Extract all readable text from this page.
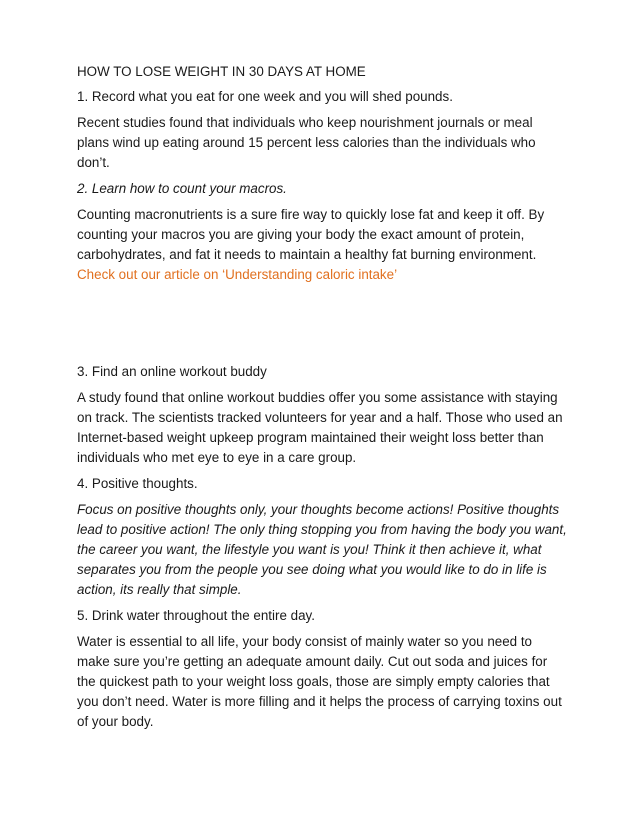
HOW TO LOSE WEIGHT IN 30 DAYS AT HOME

1. Record what you eat for one week and you will shed pounds.

Recent studies found that individuals who keep nourishment journals or meal plans wind up eating around 15 percent less calories than the individuals who don’t.

2. Learn how to count your macros.

Counting macronutrients is a sure fire way to quickly lose fat and keep it off. By counting your macros you are giving your body the exact amount of protein, carbohydrates, and fat it needs to maintain a healthy fat burning environment. Check out our article on ‘Understanding caloric intake’

3. Find an online workout buddy

A study found that online workout buddies offer you some assistance with staying on track. The scientists tracked volunteers for year and a half. Those who used an Internet-based weight upkeep program maintained their weight loss better than individuals who met eye to eye in a care group.

4. Positive thoughts.

Focus on positive thoughts only, your thoughts become actions! Positive thoughts lead to positive action! The only thing stopping you from having the body you want, the career you want, the lifestyle you want is you! Think it then achieve it, what separates you from the people you see doing what you would like to do in life is action, its really that simple.

5. Drink water throughout the entire day.

Water is essential to all life, your body consist of mainly water so you need to make sure you’re getting an adequate amount daily. Cut out soda and juices for the quickest path to your weight loss goals, those are simply empty calories that you don’t need. Water is more filling and it helps the process of carrying toxins out of your body.
